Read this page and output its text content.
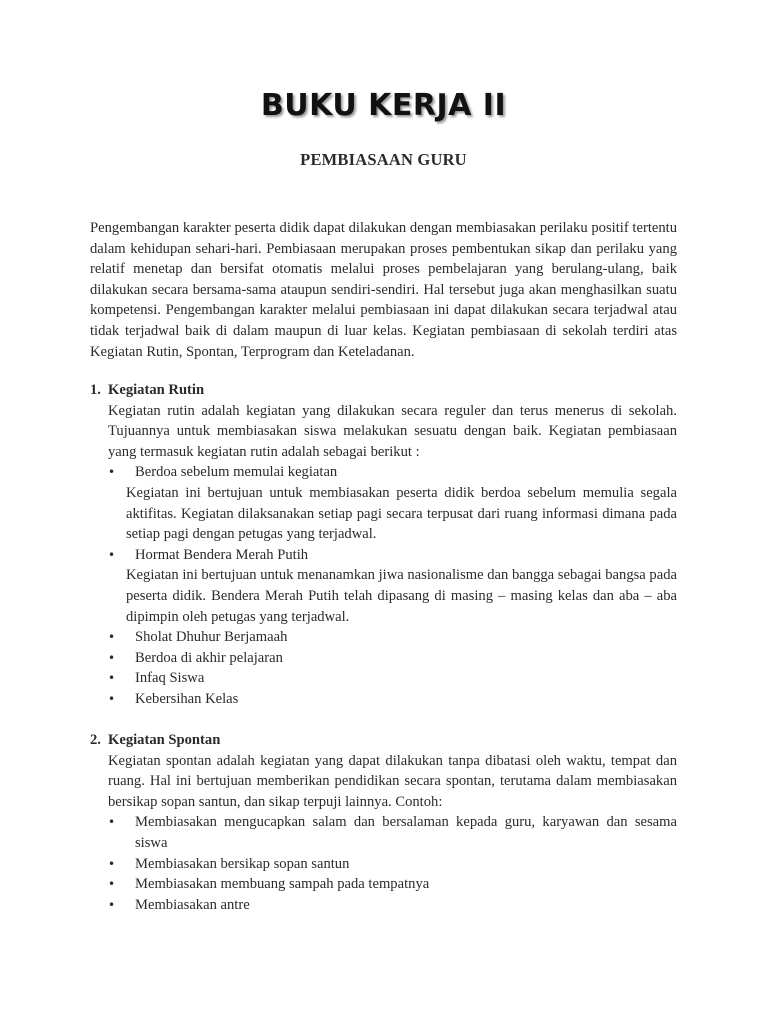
BUKU KERJA II
PEMBIASAAN GURU

Pengembangan karakter peserta didik dapat dilakukan dengan membiasakan perilaku positif tertentu dalam kehidupan sehari-hari. Pembiasaan merupakan proses pembentukan sikap dan perilaku yang relatif menetap dan bersifat otomatis melalui proses pembelajaran yang berulang-ulang, baik dilakukan secara bersama-sama ataupun sendiri-sendiri. Hal tersebut juga akan menghasilkan suatu kompetensi. Pengembangan karakter melalui pembiasaan ini dapat dilakukan secara terjadwal atau tidak terjadwal baik di dalam maupun di luar kelas. Kegiatan pembiasaan di sekolah terdiri atas Kegiatan Rutin, Spontan, Terprogram dan Keteladanan.

1. Kegiatan Rutin

Kegiatan rutin adalah kegiatan yang dilakukan secara reguler dan terus menerus di sekolah. Tujuannya untuk membiasakan siswa melakukan sesuatu dengan baik. Kegiatan pembiasaan yang termasuk kegiatan rutin adalah sebagai berikut :

• Berdoa sebelum memulai kegiatan
Kegiatan ini bertujuan untuk membiasakan peserta didik berdoa sebelum memulia segala aktifitas. Kegiatan dilaksanakan setiap pagi secara terpusat dari ruang informasi dimana pada setiap pagi dengan petugas yang terjadwal.
• Hormat Bendera Merah Putih
Kegiatan ini bertujuan untuk menanamkan jiwa nasionalisme dan bangga sebagai bangsa pada peserta didik. Bendera Merah Putih telah dipasang di masing – masing kelas dan aba – aba dipimpin oleh petugas yang terjadwal.
• Sholat Dhuhur Berjamaah
• Berdoa di akhir pelajaran
• Infaq Siswa
• Kebersihan Kelas

2. Kegiatan Spontan

Kegiatan spontan adalah kegiatan yang dapat dilakukan tanpa dibatasi oleh waktu, tempat dan ruang. Hal ini bertujuan memberikan pendidikan secara spontan, terutama dalam membiasakan bersikap sopan santun, dan sikap terpuji lainnya. Contoh:

• Membiasakan mengucapkan salam dan bersalaman kepada guru, karyawan dan sesama siswa
• Membiasakan bersikap sopan santun
• Membiasakan membuang sampah pada tempatnya
• Membiasakan antre
